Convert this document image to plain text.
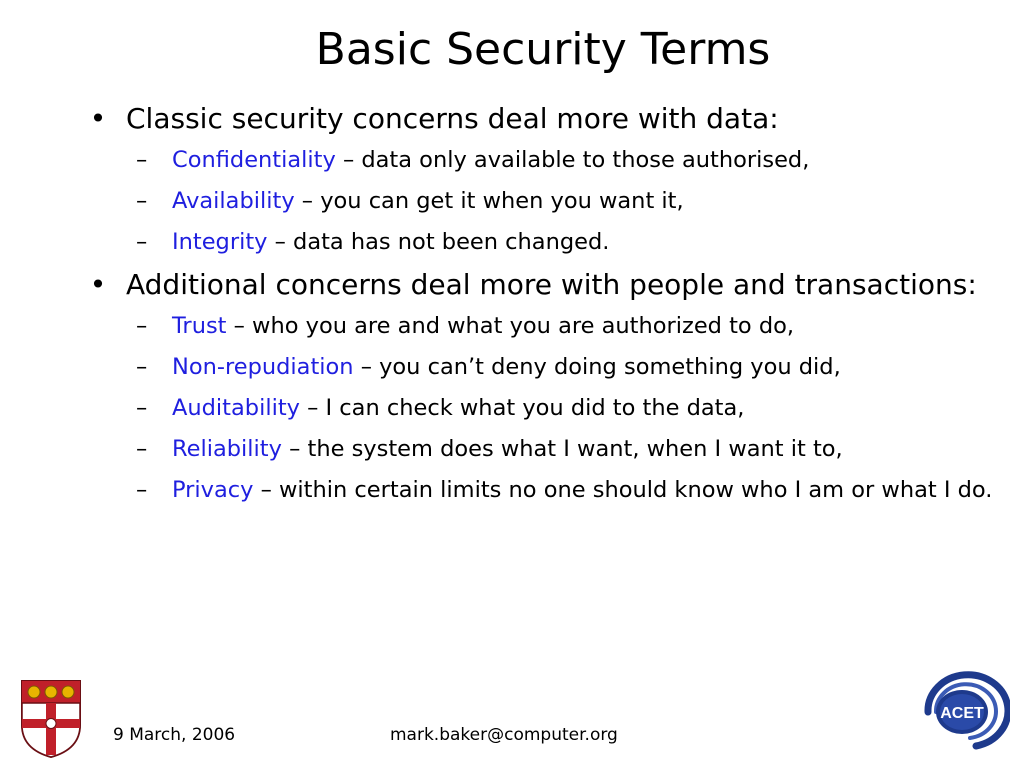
Basic Security Terms
• Classic security concerns deal more with data:
– Confidentiality – data only available to those authorised,
– Availability – you can get it when you want it,
– Integrity – data has not been changed.
• Additional concerns deal more with people and transactions:
– Trust – who you are and what you are authorized to do,
– Non-repudiation – you can’t deny doing something you did,
– Auditability – I can check what you did to the data,
– Reliability – the system does what I want, when I want it to,
– Privacy – within certain limits no one should know who I am or what I do.
9 March, 2006	mark.baker@computer.org
ACET
